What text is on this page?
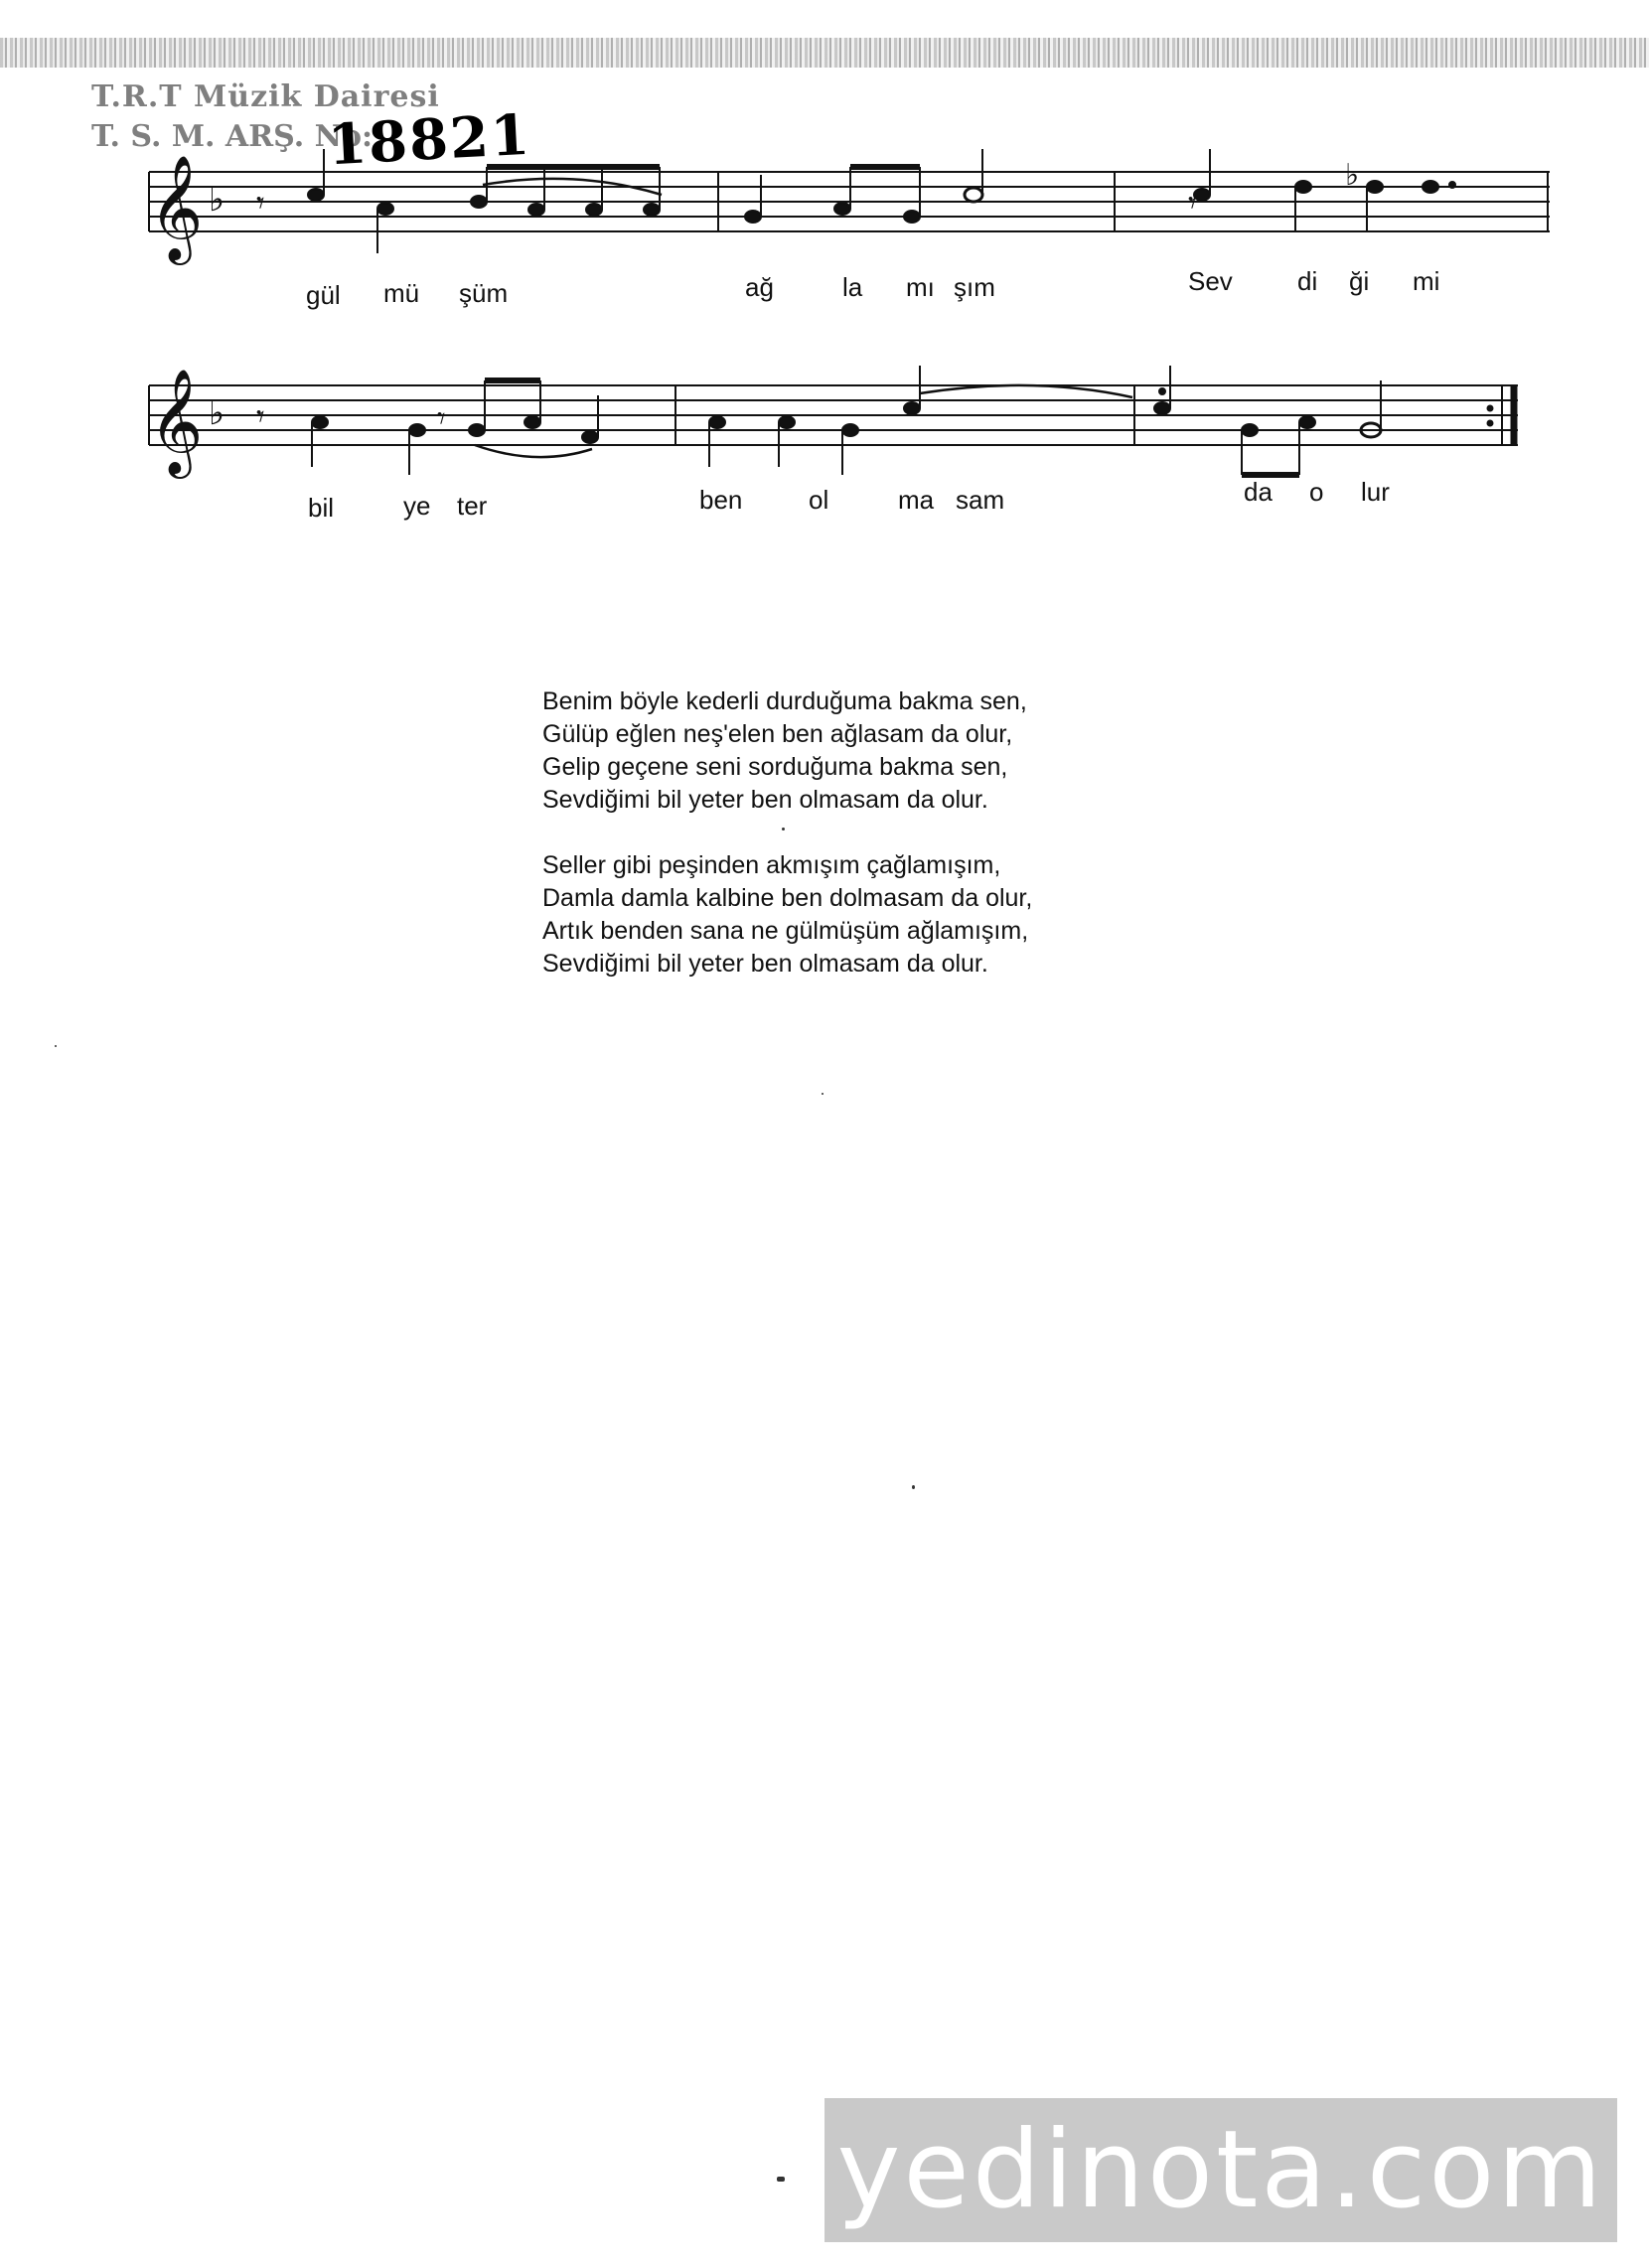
T.R.T Müzik Dairesi
T. S. M. ARŞ. No:
18821
𝄞 ♭ 𝄾	𝄾
♭
𝄞 ♭ 𝄾	𝄾
gül mü şüm	ağ	la mı şım	Sev	di ği mi
bil	ye ter	ben	ol	ma sam	da o lur
Benim böyle kederli durduğuma bakma sen,
Gülüp eğlen neş'elen ben ağlasam da olur,
Gelip geçene seni sorduğuma bakma sen,
Sevdiğimi bil yeter ben olmasam da olur.
Seller gibi peşinden akmışım çağlamışım,
Damla damla kalbine ben dolmasam da olur,
Artık benden sana ne gülmüşüm ağlamışım,
Sevdiğimi bil yeter ben olmasam da olur.
yedinota.com
